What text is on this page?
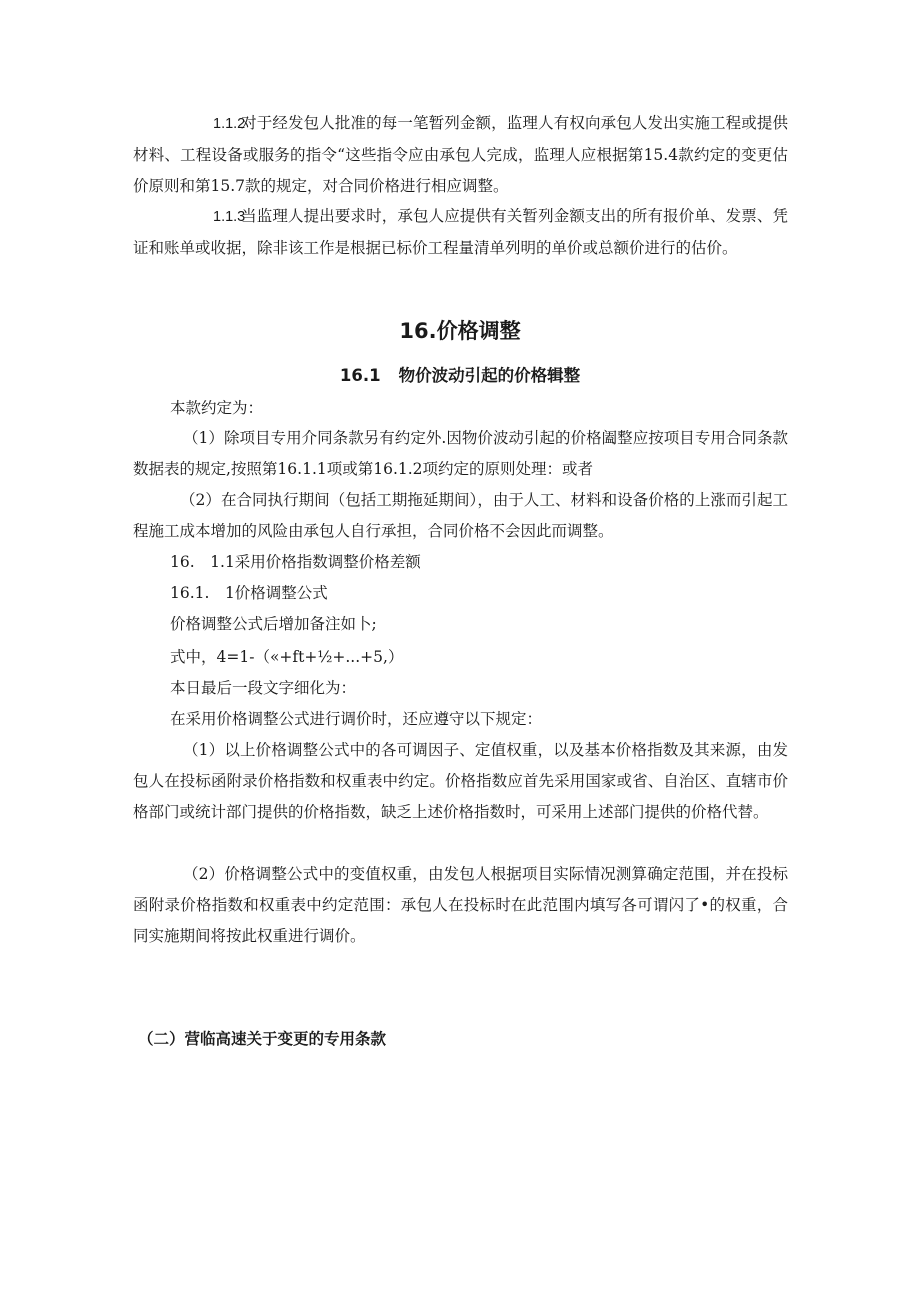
1.1.2对于经发包人批准的每一笔暂列金额，监理人有权向承包人发出实施工程或提供材料、工程设备或服务的指令“这些指令应由承包人完成，监理人应根据第15.4款约定的变更估价原则和第15.7款的规定，对合同价格进行相应调整。
1.1.3当监理人提出要求时，承包人应提供有关暂列金额支出的所有报价单、发票、凭证和账单或收据，除非该工作是根据已标价工程量清单列明的单价或总额价进行的估价。
16.价格调整
16.1 物价波动引起的价格辑整
本款约定为：
（1）除项目专用介同条款另有约定外.因物价波动引起的价格阖整应按项目专用合同条款数据表的规定,按照第16.1.1项或第16.1.2项约定的原则处理：或者
（2）在合同执行期间（包括工期拖延期间），由于人工、材料和设备价格的上涨而引起工程施工成本增加的风险由承包人自行承担，合同价格不会因此而调整。
16.　1.1采用价格指数调整价格差额
16.1.　1价格调整公式
价格调整公式后增加备注如卜;
式中，4=1-（«+ft+½+...+5,）
本日最后一段文字细化为：
在采用价格调整公式进行调价时，还应遵守以下规定：
（1）以上价格调整公式中的各可调因子、定值权重，以及基本价格指数及其来源，由发包人在投标函附录价格指数和权重表中约定。价格指数应首先采用国家或省、自治区、直辖市价格部门或统计部门提供的价格指数，缺乏上述价格指数时，可采用上述部门提供的价格代替。
（2）价格调整公式中的变值权重，由发包人根据项目实际情况测算确定范围，并在投标函附录价格指数和权重表中约定范围：承包人在投标时在此范围内填写各可谓闪了•的权重，合同实施期间将按此权重进行调价。
（二）营临高速关于变更的专用条款
